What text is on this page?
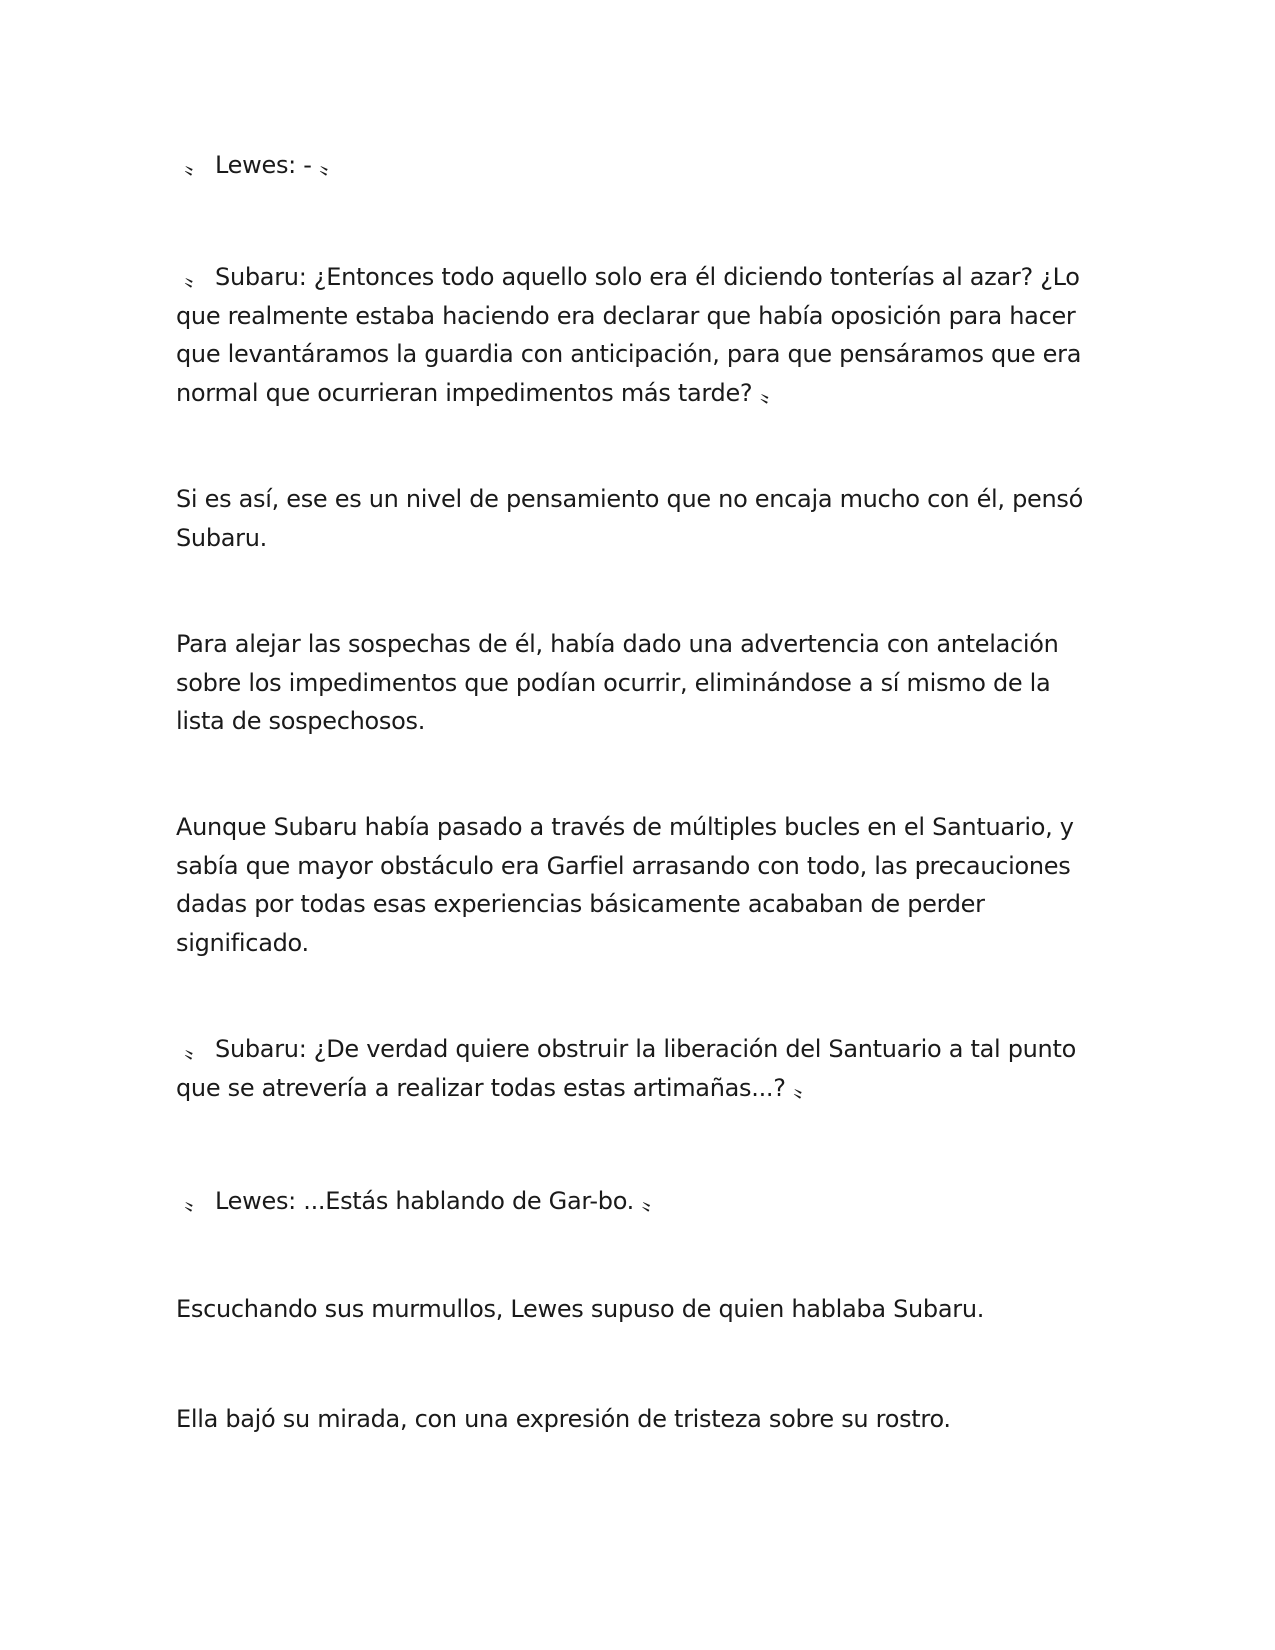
〟 Lewes: - 〟

〟 Subaru: ¿Entonces todo aquello solo era él diciendo tonterías al azar? ¿Lo que realmente estaba haciendo era declarar que había oposición para hacer que levantáramos la guardia con anticipación, para que pensáramos que era normal que ocurrieran impedimentos más tarde? 〟

Si es así, ese es un nivel de pensamiento que no encaja mucho con él, pensó Subaru.

Para alejar las sospechas de él, había dado una advertencia con antelación sobre los impedimentos que podían ocurrir, eliminándose a sí mismo de la lista de sospechosos.

Aunque Subaru había pasado a través de múltiples bucles en el Santuario, y sabía que mayor obstáculo era Garfiel arrasando con todo, las precauciones dadas por todas esas experiencias básicamente acababan de perder significado.

〟 Subaru: ¿De verdad quiere obstruir la liberación del Santuario a tal punto que se atrevería a realizar todas estas artimañas...? 〟

〟 Lewes: ...Estás hablando de Gar-bo. 〟

Escuchando sus murmullos, Lewes supuso de quien hablaba Subaru.

Ella bajó su mirada, con una expresión de tristeza sobre su rostro.
